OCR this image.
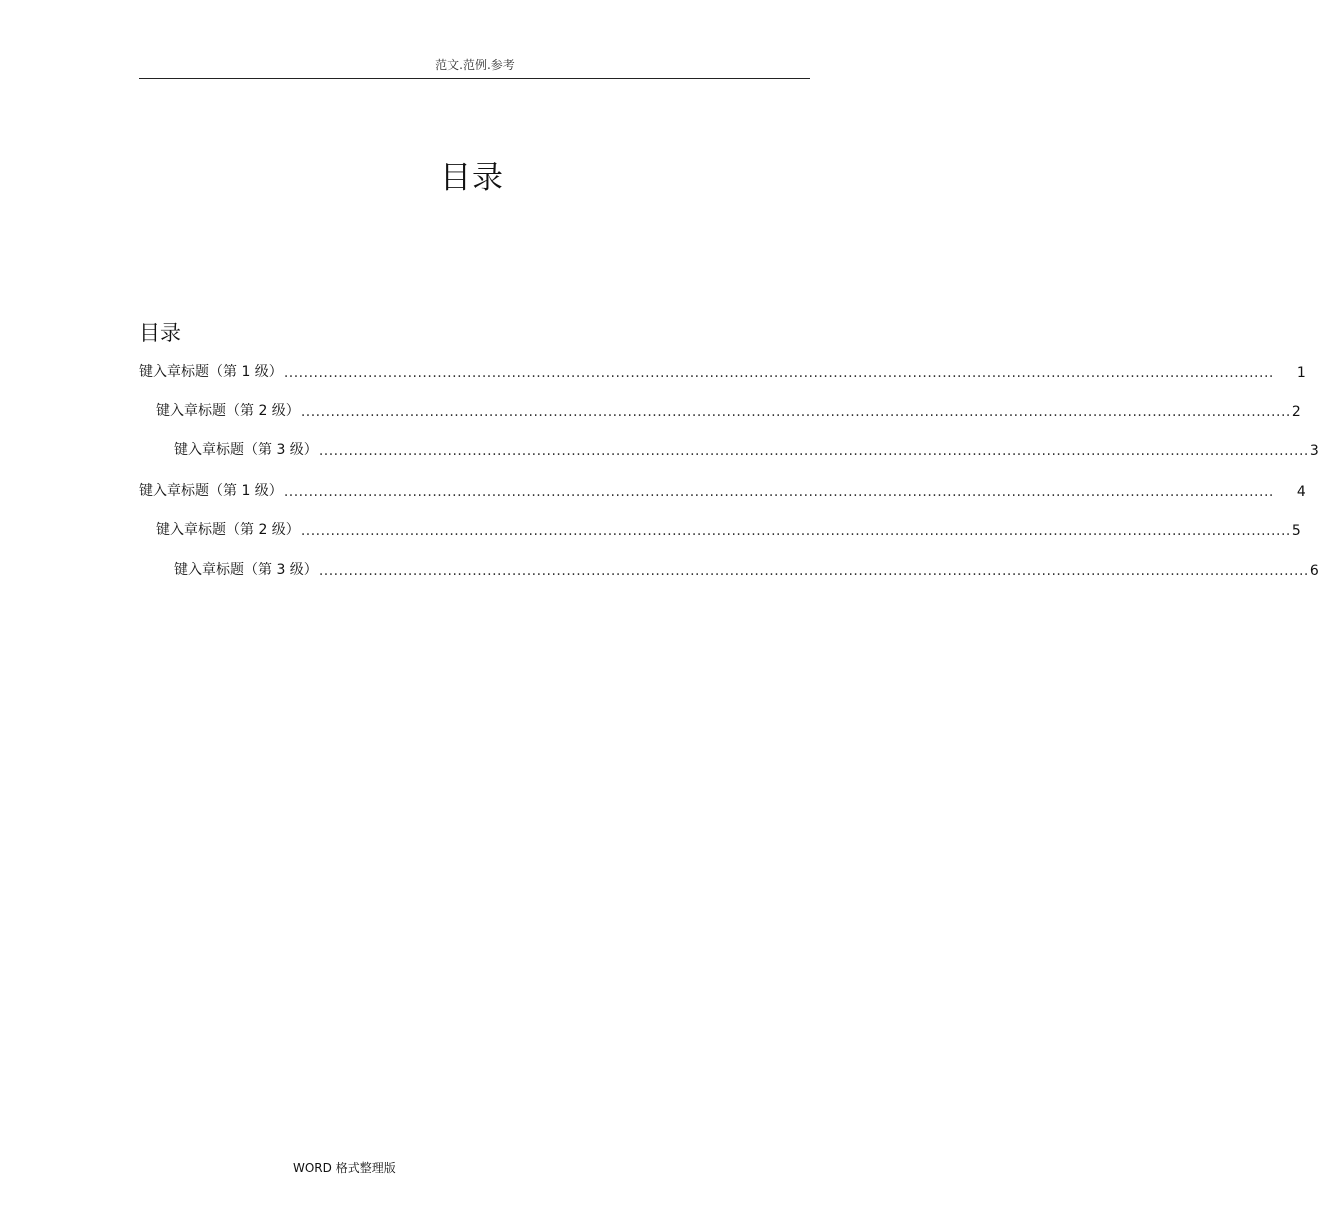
范文.范例.参考
目录
目录
键入章标题（第 1 级） ........................................................................................................................................................................................................	1
键入章标题（第 2 级） ........................................................................................................................................................................................................ 2
键入章标题（第 3 级） ........................................................................................................................................................................................................ 3
键入章标题（第 1 级） ........................................................................................................................................................................................................	4
键入章标题（第 2 级） ........................................................................................................................................................................................................ 5
键入章标题（第 3 级） ........................................................................................................................................................................................................ 6
WORD 格式整理版
